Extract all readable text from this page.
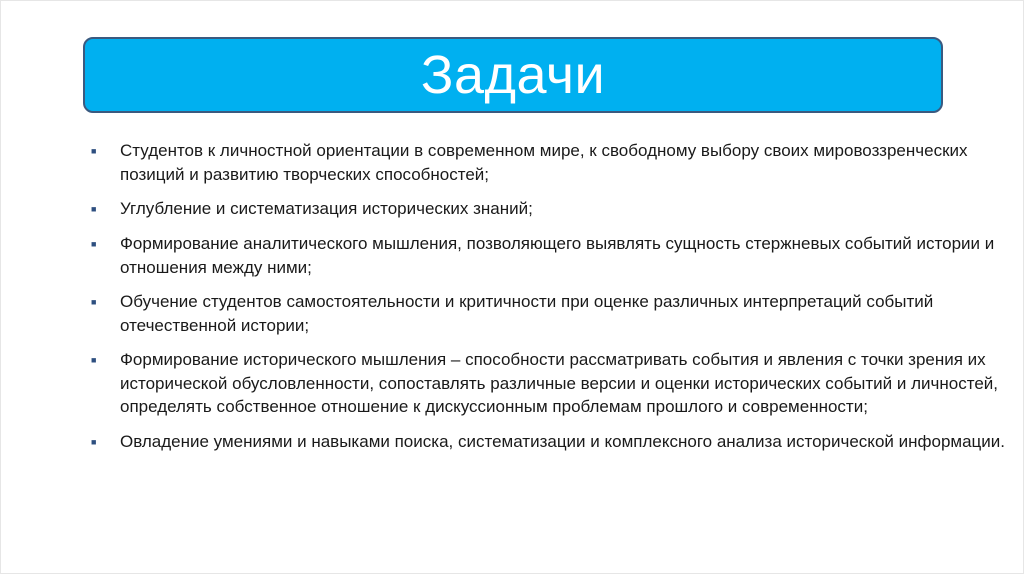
Задачи
■	Студентов к личностной ориентации в современном мире, к свободному выбору своих мировоззренческих позиций и развитию творческих способностей;
■	Углубление и систематизация исторических знаний;
■	Формирование аналитического мышления, позволяющего выявлять сущность стержневых событий истории и отношения между ними;
■	Обучение студентов самостоятельности и критичности при оценке различных интерпретаций событий отечественной истории;
■	Формирование исторического мышления – способности рассматривать события и явления с точки зрения их исторической обусловленности, сопоставлять различные версии и оценки исторических событий и личностей, определять собственное отношение к дискуссионным проблемам прошлого и современности;
■	Овладение умениями и навыками поиска, систематизации и комплексного анализа исторической информации.
